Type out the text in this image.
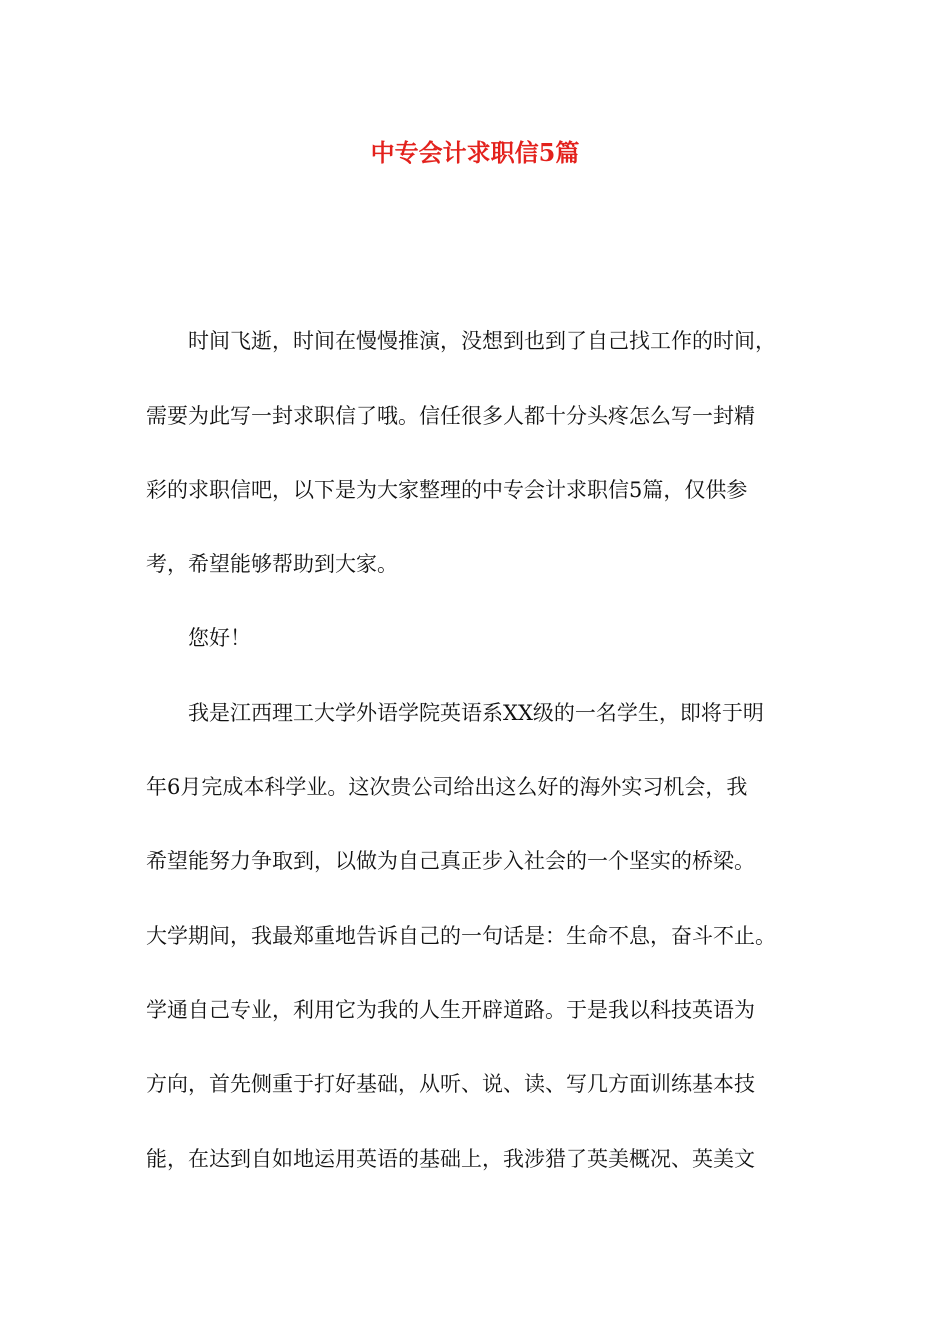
中专会计求职信5篇

时间飞逝，时间在慢慢推演，没想到也到了自己找工作的时间，

需要为此写一封求职信了哦。信任很多人都十分头疼怎么写一封精

彩的求职信吧，以下是为大家整理的中专会计求职信5篇，仅供参

考，希望能够帮助到大家。

您好！

我是江西理工大学外语学院英语系XX级的一名学生，即将于明

年6月完成本科学业。这次贵公司给出这么好的海外实习机会，我

希望能努力争取到，以做为自己真正步入社会的一个坚实的桥梁。

大学期间，我最郑重地告诉自己的一句话是：生命不息，奋斗不止。

学通自己专业，利用它为我的人生开辟道路。于是我以科技英语为

方向，首先侧重于打好基础，从听、说、读、写几方面训练基本技

能，在达到自如地运用英语的基础上，我涉猎了英美概况、英美文
